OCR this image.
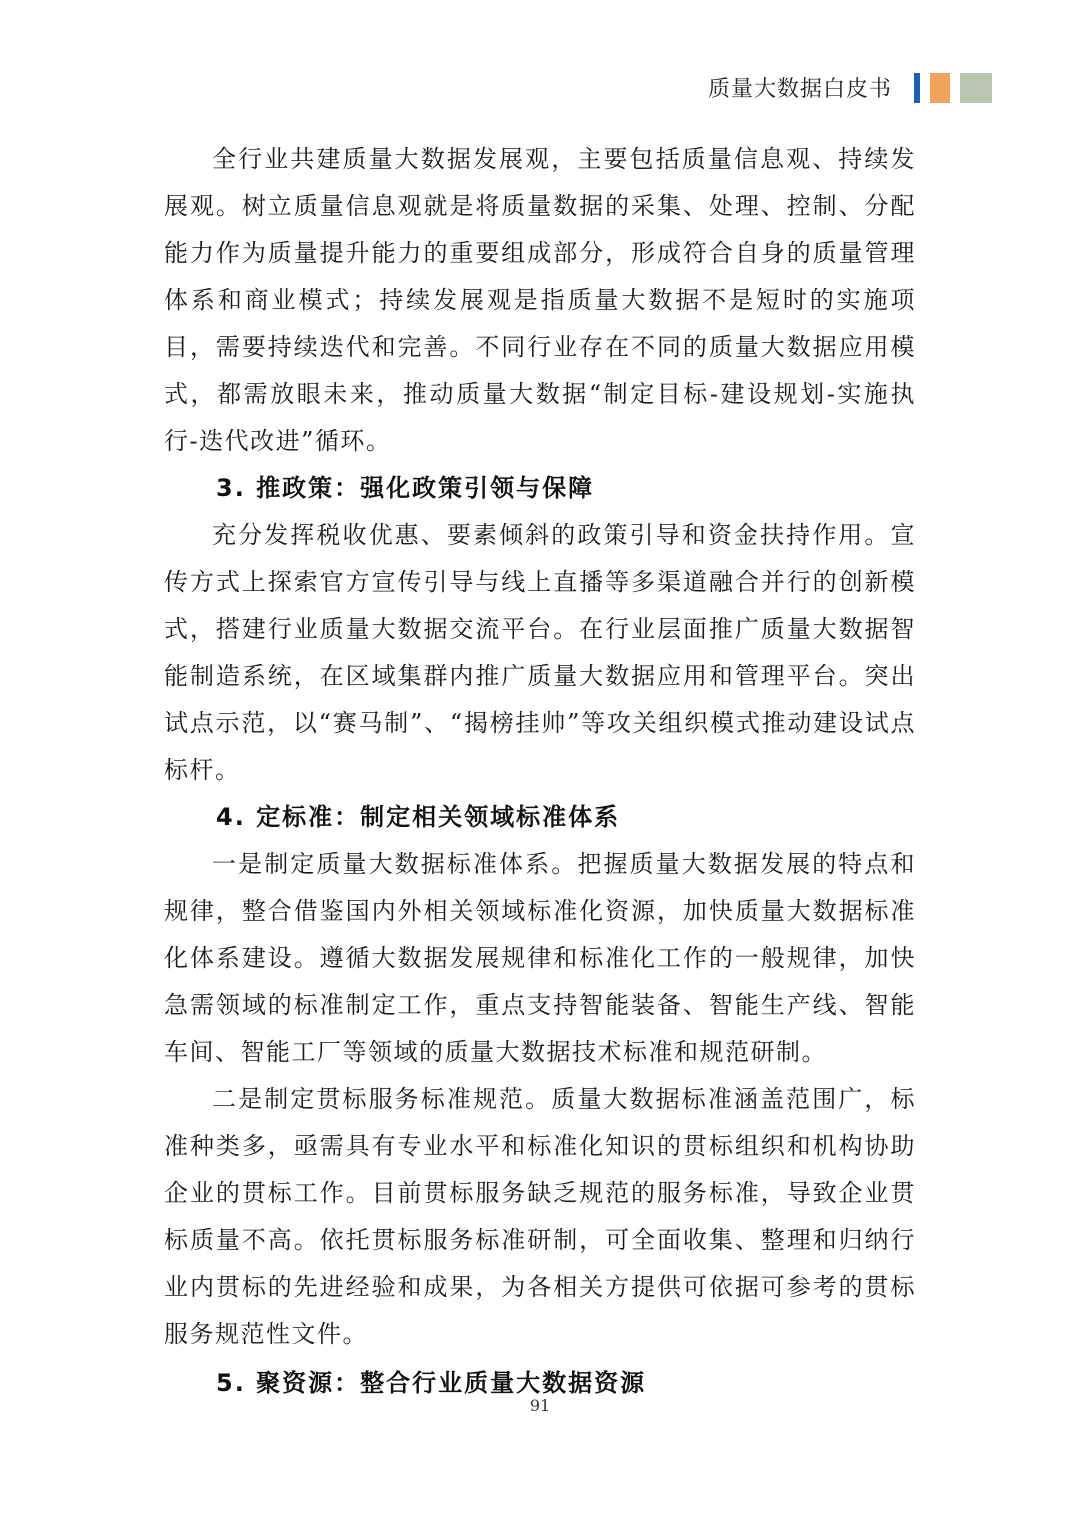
质量大数据白皮书

全行业共建质量大数据发展观，主要包括质量信息观、持续发展观。树立质量信息观就是将质量数据的采集、处理、控制、分配能力作为质量提升能力的重要组成部分，形成符合自身的质量管理体系和商业模式；持续发展观是指质量大数据不是短时的实施项目，需要持续迭代和完善。不同行业存在不同的质量大数据应用模式，都需放眼未来，推动质量大数据“制定目标-建设规划-实施执行-迭代改进”循环。

3. 推政策：强化政策引领与保障

充分发挥税收优惠、要素倾斜的政策引导和资金扶持作用。宣传方式上探索官方宣传引导与线上直播等多渠道融合并行的创新模式，搭建行业质量大数据交流平台。在行业层面推广质量大数据智能制造系统，在区域集群内推广质量大数据应用和管理平台。突出试点示范，以“赛马制”、“揭榜挂帅”等攻关组织模式推动建设试点标杆。

4. 定标准：制定相关领域标准体系

一是制定质量大数据标准体系。把握质量大数据发展的特点和规律，整合借鉴国内外相关领域标准化资源，加快质量大数据标准化体系建设。遵循大数据发展规律和标准化工作的一般规律，加快急需领域的标准制定工作，重点支持智能装备、智能生产线、智能车间、智能工厂等领域的质量大数据技术标准和规范研制。

二是制定贯标服务标准规范。质量大数据标准涵盖范围广，标准种类多，亟需具有专业水平和标准化知识的贯标组织和机构协助企业的贯标工作。目前贯标服务缺乏规范的服务标准，导致企业贯标质量不高。依托贯标服务标准研制，可全面收集、整理和归纳行业内贯标的先进经验和成果，为各相关方提供可依据可参考的贯标服务规范性文件。

5. 聚资源：整合行业质量大数据资源

91
